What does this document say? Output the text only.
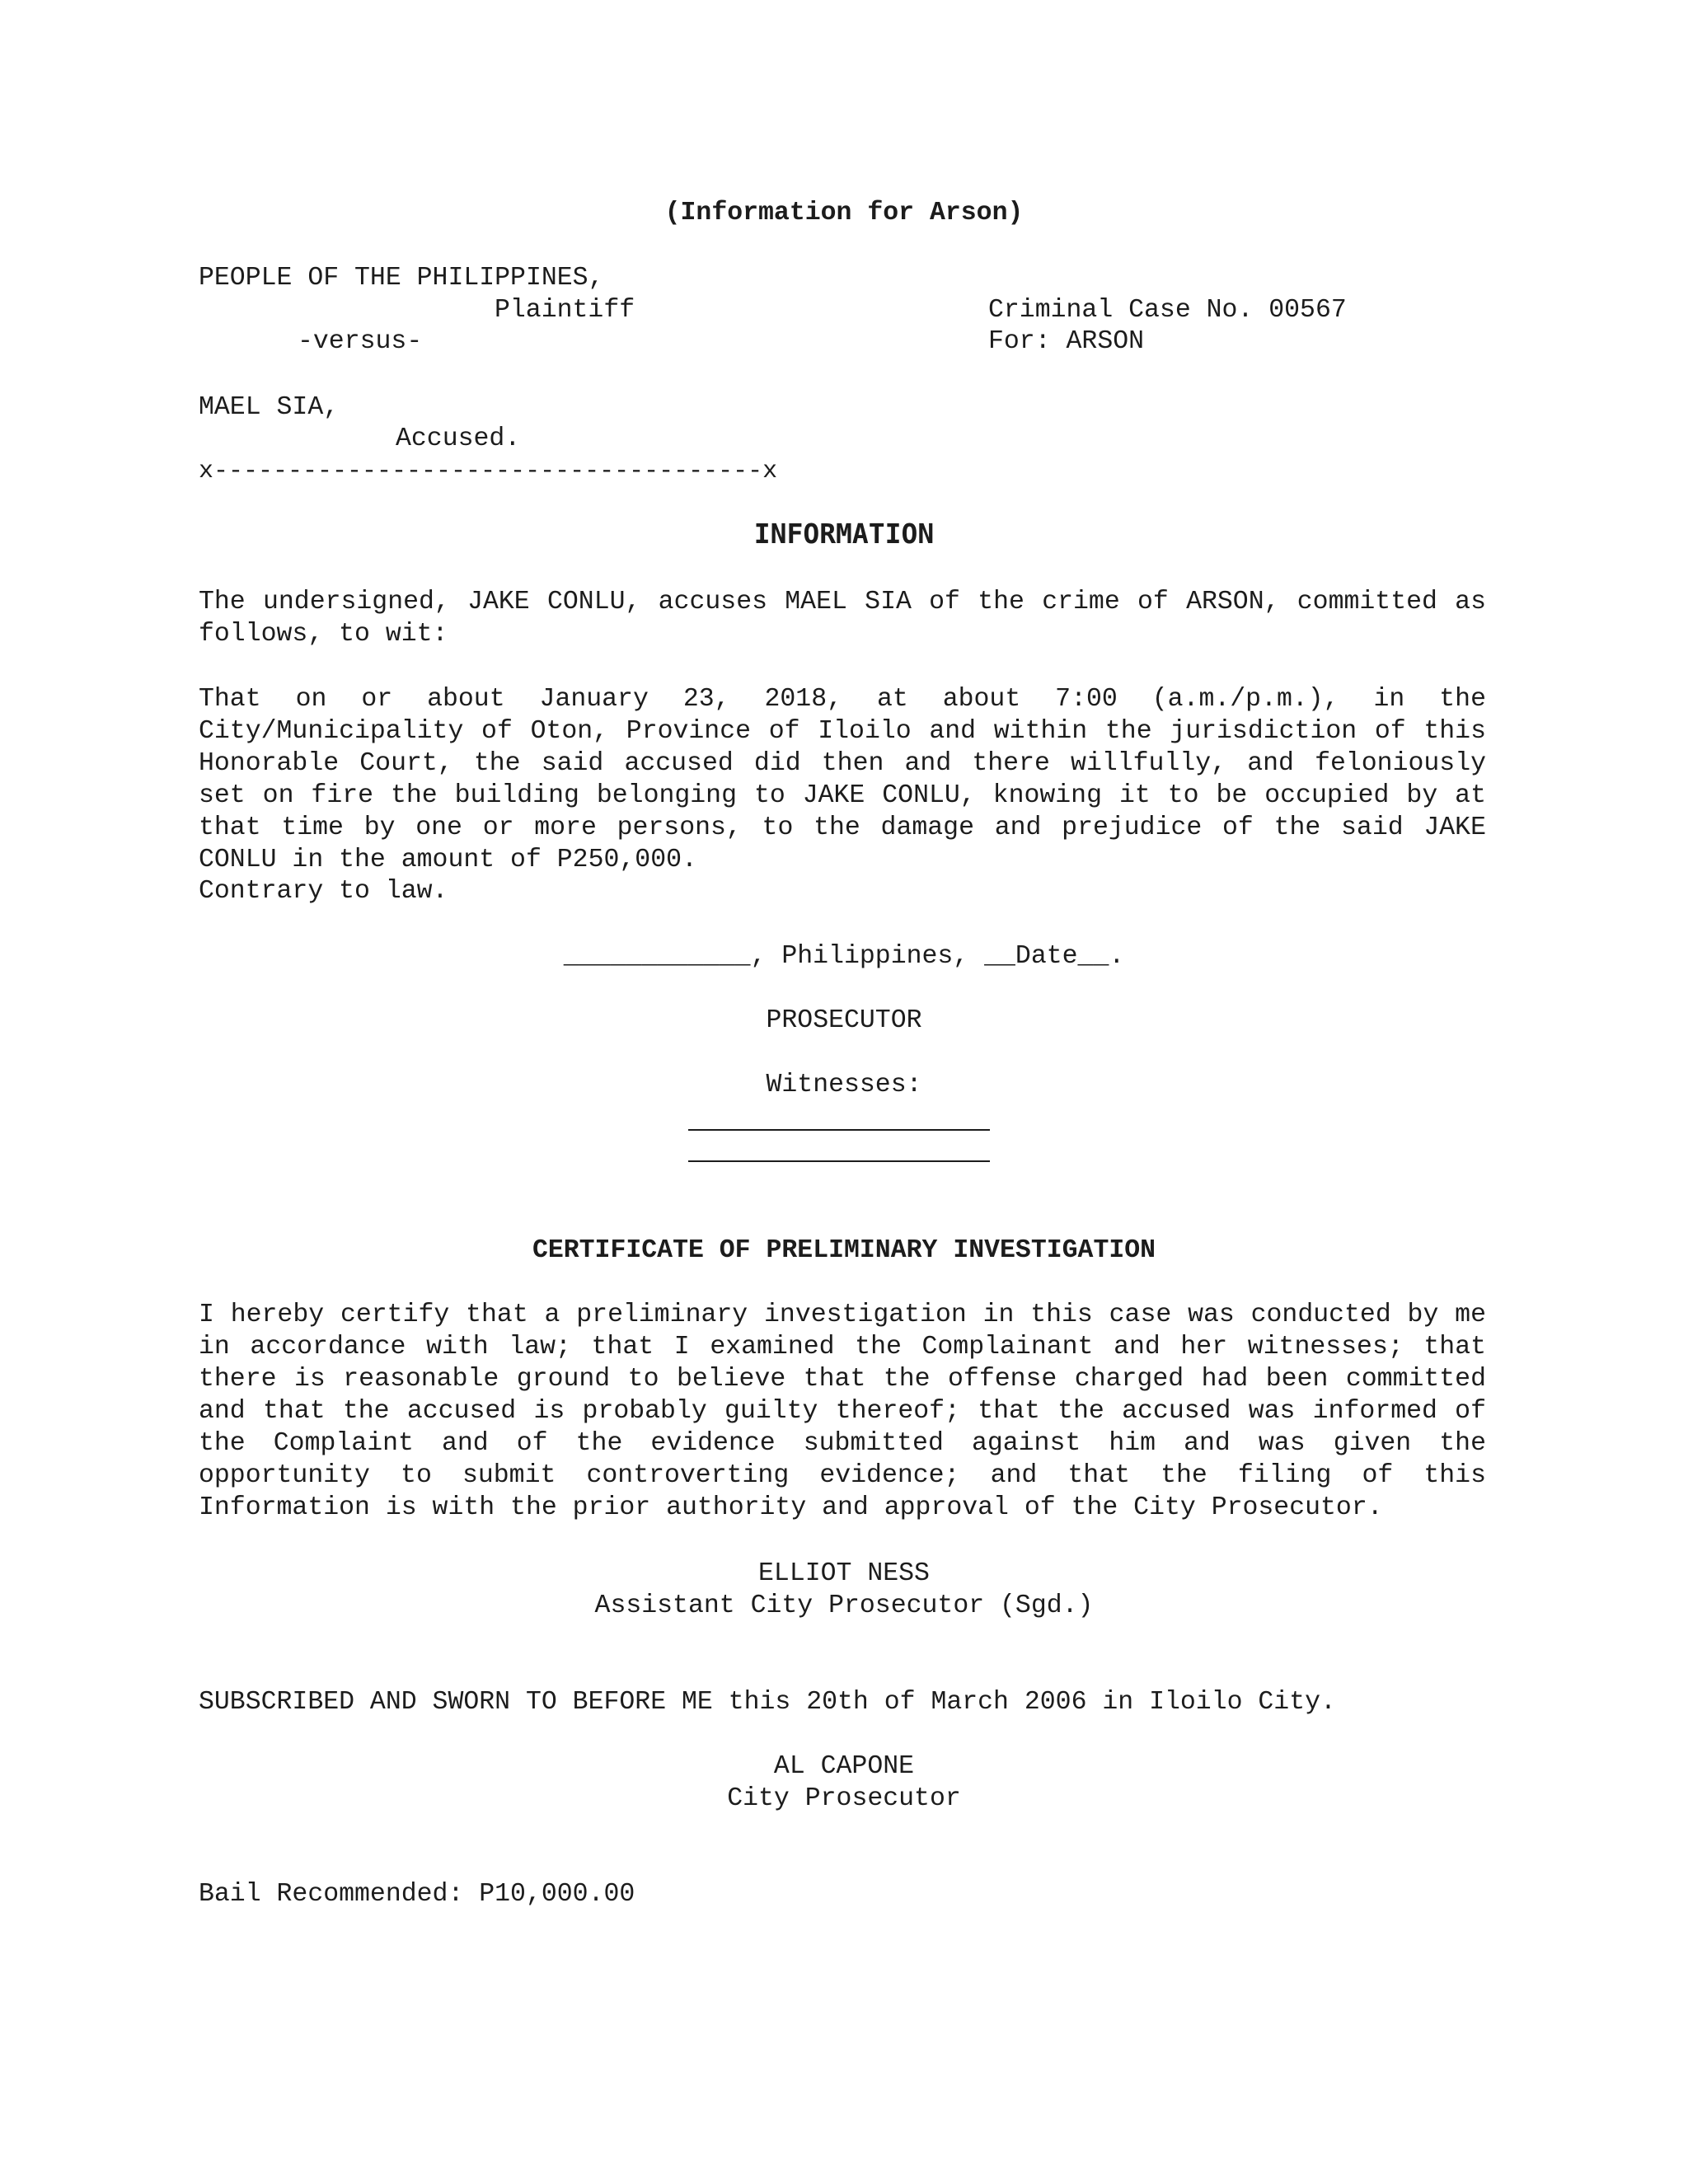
(Information for Arson)
PEOPLE OF THE PHILIPPINES,
Plaintiff
-versus-
Criminal Case No. 00567
For: ARSON
MAEL SIA,
Accused.
x-------------------------------------x
INFORMATION
The undersigned, JAKE CONLU, accuses MAEL SIA of the crime of ARSON, committed as follows, to wit:
That on or about January 23, 2018, at about 7:00 (a.m./p.m.), in the City/Municipality of Oton, Province of Iloilo and within the jurisdiction of this Honorable Court, the said accused did then and there willfully, and feloniously set on fire the building belonging to JAKE CONLU, knowing it to be occupied by at that time by one or more persons, to the damage and prejudice of the said JAKE CONLU in the amount of P250,000.
Contrary to law.
____________, Philippines, __Date__.
PROSECUTOR
Witnesses:
CERTIFICATE OF PRELIMINARY INVESTIGATION
I hereby certify that a preliminary investigation in this case was conducted by me in accordance with law; that I examined the Complainant and her witnesses; that there is reasonable ground to believe that the offense charged had been committed and that the accused is probably guilty thereof; that the accused was informed of the Complaint and of the evidence submitted against him and was given the opportunity to submit controverting evidence; and that the filing of this Information is with the prior authority and approval of the City Prosecutor.
ELLIOT NESS
Assistant City Prosecutor (Sgd.)
SUBSCRIBED AND SWORN TO BEFORE ME this 20th of March 2006 in Iloilo City.
AL CAPONE
City Prosecutor
Bail Recommended: P10,000.00
